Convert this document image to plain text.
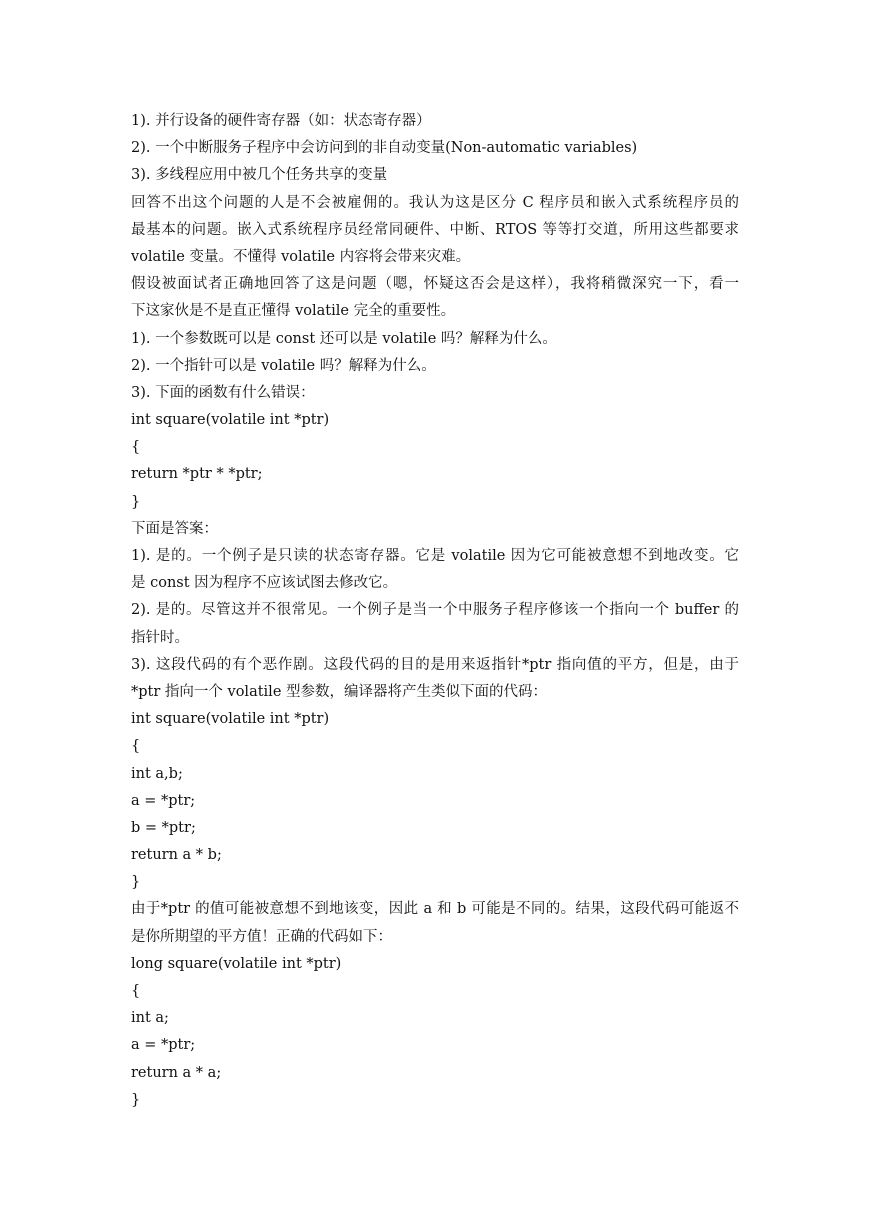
1). 并行设备的硬件寄存器（如：状态寄存器）
2). 一个中断服务子程序中会访问到的非自动变量(Non-automatic variables)
3). 多线程应用中被几个任务共享的变量
回答不出这个问题的人是不会被雇佣的。我认为这是区分 C 程序员和嵌入式系统程序员的
最基本的问题。嵌入式系统程序员经常同硬件、中断、RTOS 等等打交道，所用这些都要求
volatile 变量。不懂得 volatile 内容将会带来灾难。
假设被面试者正确地回答了这是问题（嗯，怀疑这否会是这样），我将稍微深究一下，看一
下这家伙是不是直正懂得 volatile 完全的重要性。
1). 一个参数既可以是 const 还可以是 volatile 吗？解释为什么。
2). 一个指针可以是 volatile 吗？解释为什么。
3). 下面的函数有什么错误：
int square(volatile int *ptr)
{
return *ptr * *ptr;
}
下面是答案：
1). 是的。一个例子是只读的状态寄存器。它是 volatile 因为它可能被意想不到地改变。它
是 const 因为程序不应该试图去修改它。
2). 是的。尽管这并不很常见。一个例子是当一个中服务子程序修该一个指向一个 buffer 的
指针时。
3). 这段代码的有个恶作剧。这段代码的目的是用来返指针*ptr 指向值的平方，但是，由于
*ptr 指向一个 volatile 型参数，编译器将产生类似下面的代码：
int square(volatile int *ptr)
{
int a,b;
a = *ptr;
b = *ptr;
return a * b;
}
由于*ptr 的值可能被意想不到地该变，因此 a 和 b 可能是不同的。结果，这段代码可能返不
是你所期望的平方值！正确的代码如下：
long square(volatile int *ptr)
{
int a;
a = *ptr;
return a * a;
}
